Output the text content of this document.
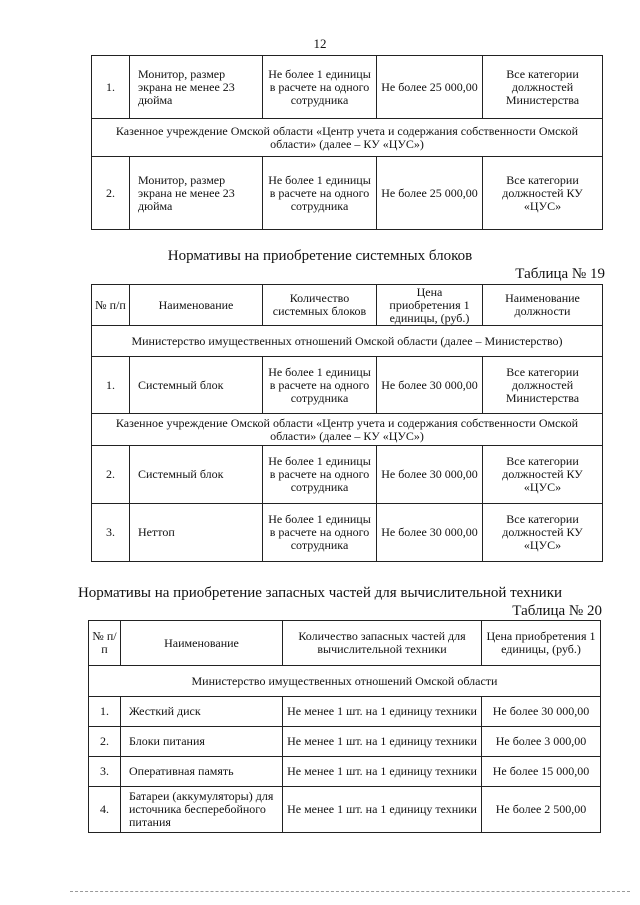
12
1.	Монитор, размер экрана не менее 23 дюйма	Не более 1 единицы в расчете на одного сотрудника	Не более 25 000,00	Все категории должностей Министерства
Казенное учреждение Омской области «Центр учета и содержания собственности Омской области» (далее – КУ «ЦУС»)				
2.	Монитор, размер экрана не менее 23 дюйма	Не более 1 единицы в расчете на одного сотрудника	Не более 25 000,00	Все категории должностей КУ «ЦУС»
Нормативы на приобретение системных блоков
Таблица № 19
№ п/п	Наименование	Количество системных блоков	Цена приобретения 1 единицы, (руб.)	Наименование должности
Министерство имущественных отношений Омской области (далее – Министерство)				
1.	Системный блок	Не более 1 единицы в расчете на одного сотрудника	Не более 30 000,00	Все категории должностей Министерства
Казенное учреждение Омской области «Центр учета и содержания собственности Омской области» (далее – КУ «ЦУС»)				
2.	Системный блок	Не более 1 единицы в расчете на одного сотрудника	Не более 30 000,00	Все категории должностей КУ «ЦУС»
3.	Неттоп	Не более 1 единицы в расчете на одного сотрудника	Не более 30 000,00	Все категории должностей КУ «ЦУС»
Нормативы на приобретение запасных частей для вычислительной техники
Таблица № 20
№ п/п	Наименование	Количество запасных частей для вычислительной техники	Цена приобретения 1 единицы, (руб.)
Министерство имущественных отношений Омской области			
1.	Жесткий диск	Не менее 1 шт. на 1 единицу техники	Не более 30 000,00
2.	Блоки питания	Не менее 1 шт. на 1 единицу техники	Не более 3 000,00
3.	Оперативная память	Не менее 1 шт. на 1 единицу техники	Не более 15 000,00
4.	Батареи (аккумуляторы) для источника бесперебойного питания	Не менее 1 шт. на 1 единицу техники	Не более 2 500,00
